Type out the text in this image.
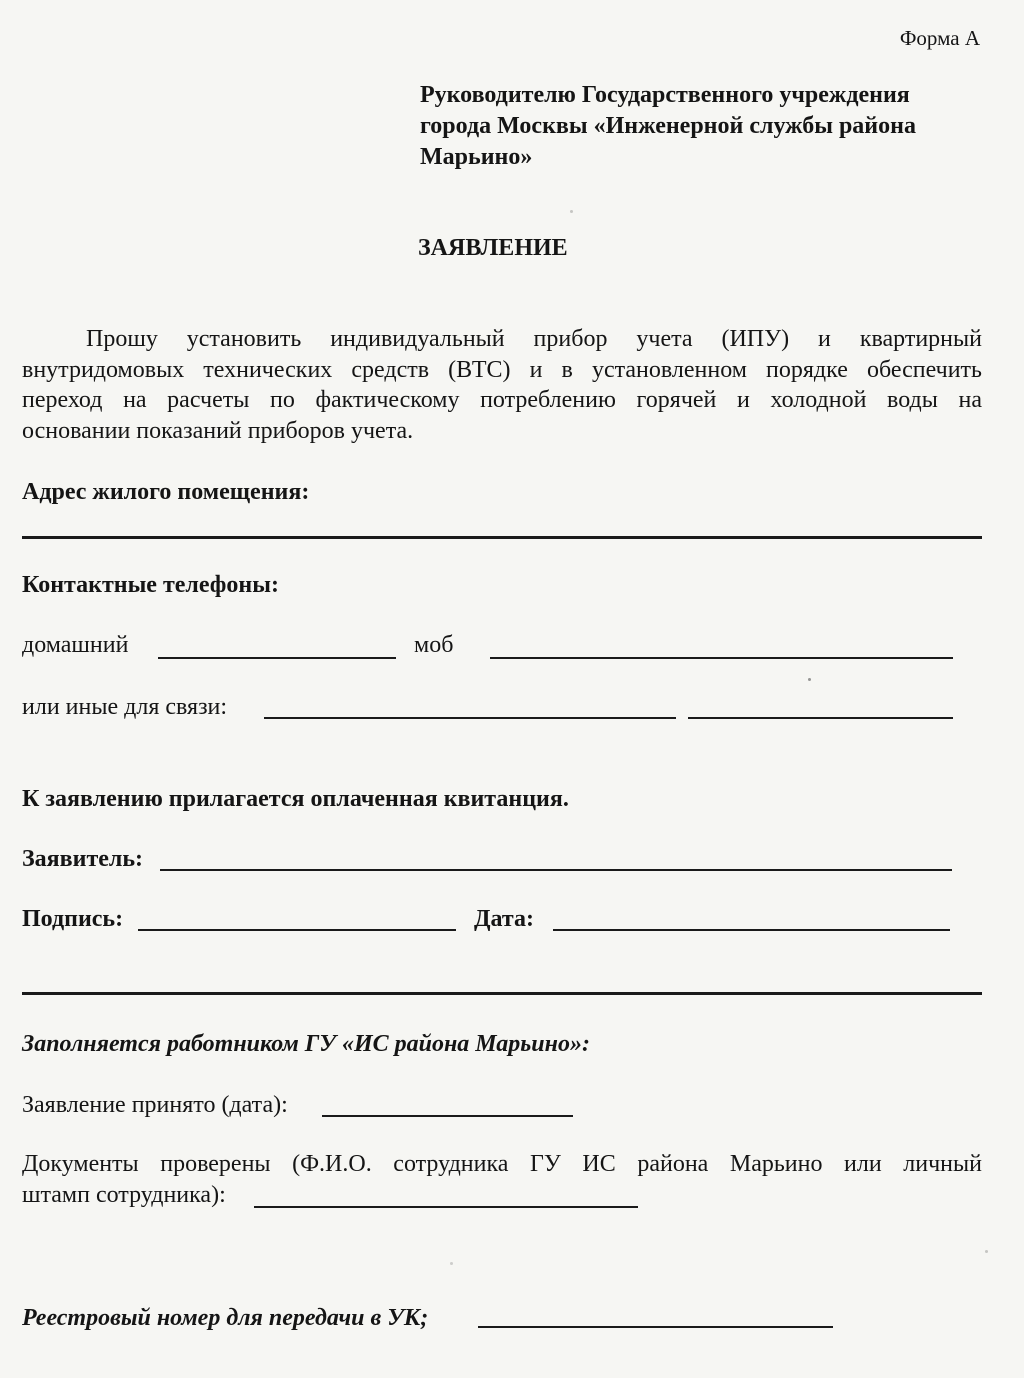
Форма А
Руководителю Государственного учреждения
города Москвы «Инженерной службы района
Марьино»
ЗАЯВЛЕНИЕ
Прошу установить индивидуальный прибор учета (ИПУ) и квартирный
внутридомовых технических средств (ВТС) и в установленном порядке обеспечить
переход на расчеты по фактическому потреблению горячей и холодной воды на
основании показаний приборов учета.
Адрес жилого помещения:
Контактные телефоны:
домашний	моб
или иные для связи:
К заявлению прилагается оплаченная квитанция.
Заявитель:
Подпись:	Дата:
Заполняется работником ГУ «ИС района Марьино»:
Заявление принято (дата):
Документы проверены (Ф.И.О. сотрудника ГУ ИС района Марьино или личный
штамп сотрудника):
Реестровый номер для передачи в УК;
